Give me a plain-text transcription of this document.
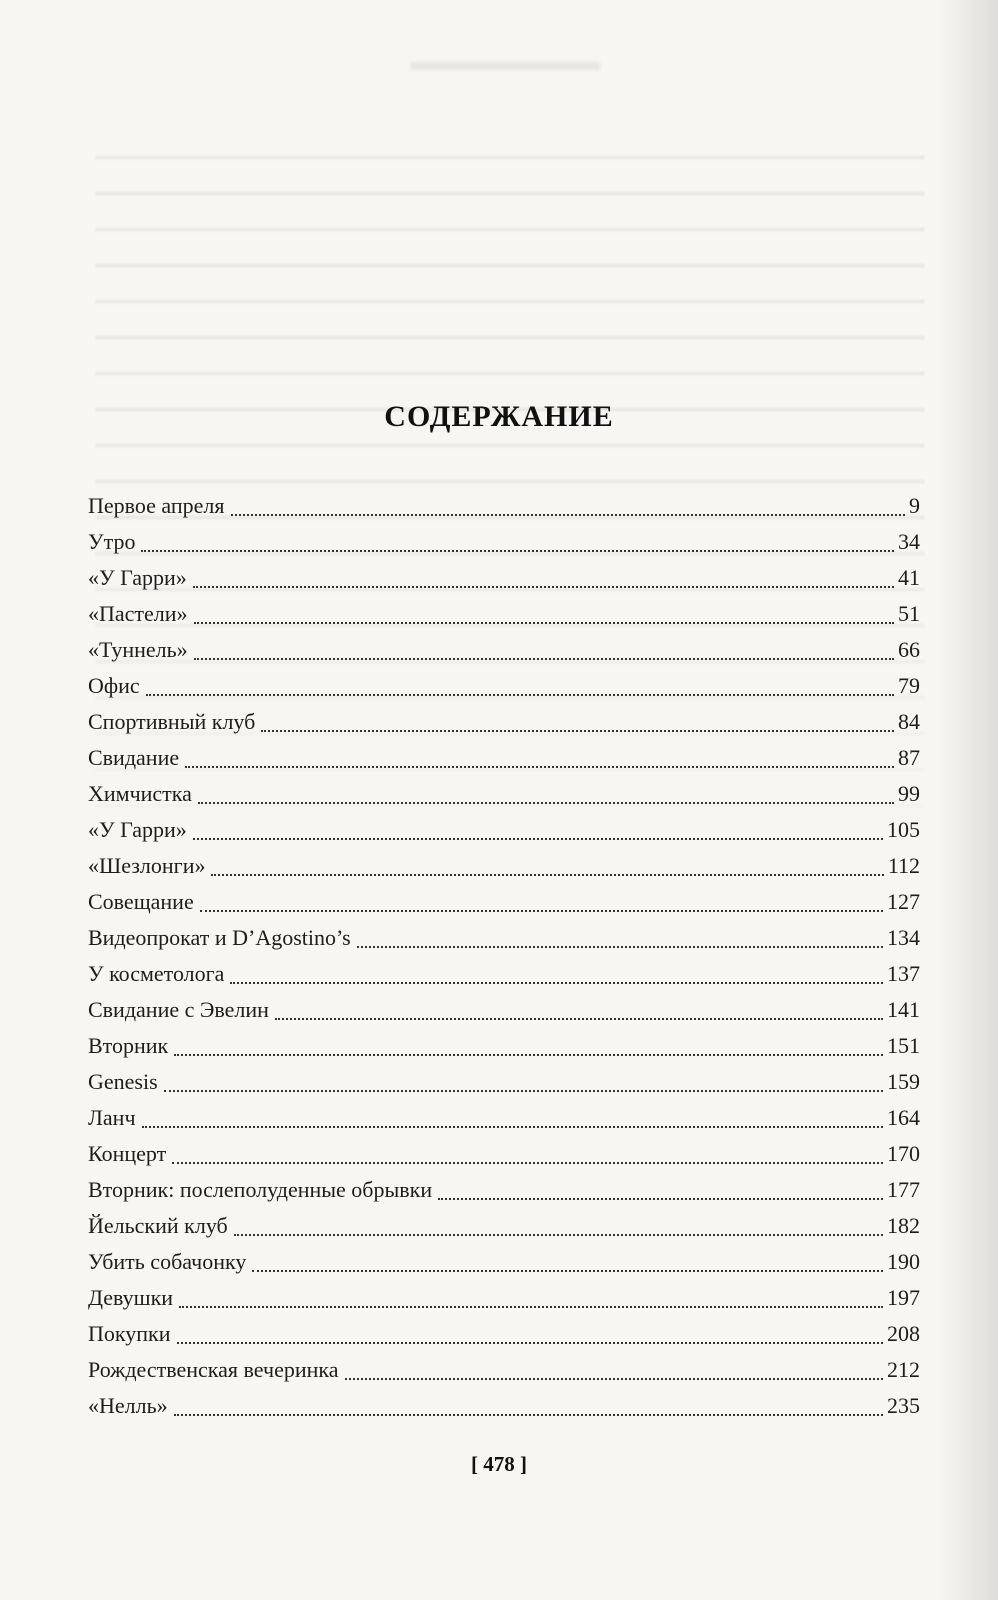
СОДЕРЖАНИЕ
Первое апреля	9
Утро	34
«У Гарри»	41
«Пастели»	51
«Туннель»	66
Офис	79
Спортивный клуб	84
Свидание	87
Химчистка	99
«У Гарри»	105
«Шезлонги»	112
Совещание	127
Видеопрокат и D’Agostino’s	134
У косметолога	137
Свидание с Эвелин	141
Вторник	151
Genesis	159
Ланч	164
Концерт	170
Вторник: послеполуденные обрывки	177
Йельский клуб	182
Убить собачонку	190
Девушки	197
Покупки	208
Рождественская вечеринка	212
«Нелль»	235
[ 478 ]
